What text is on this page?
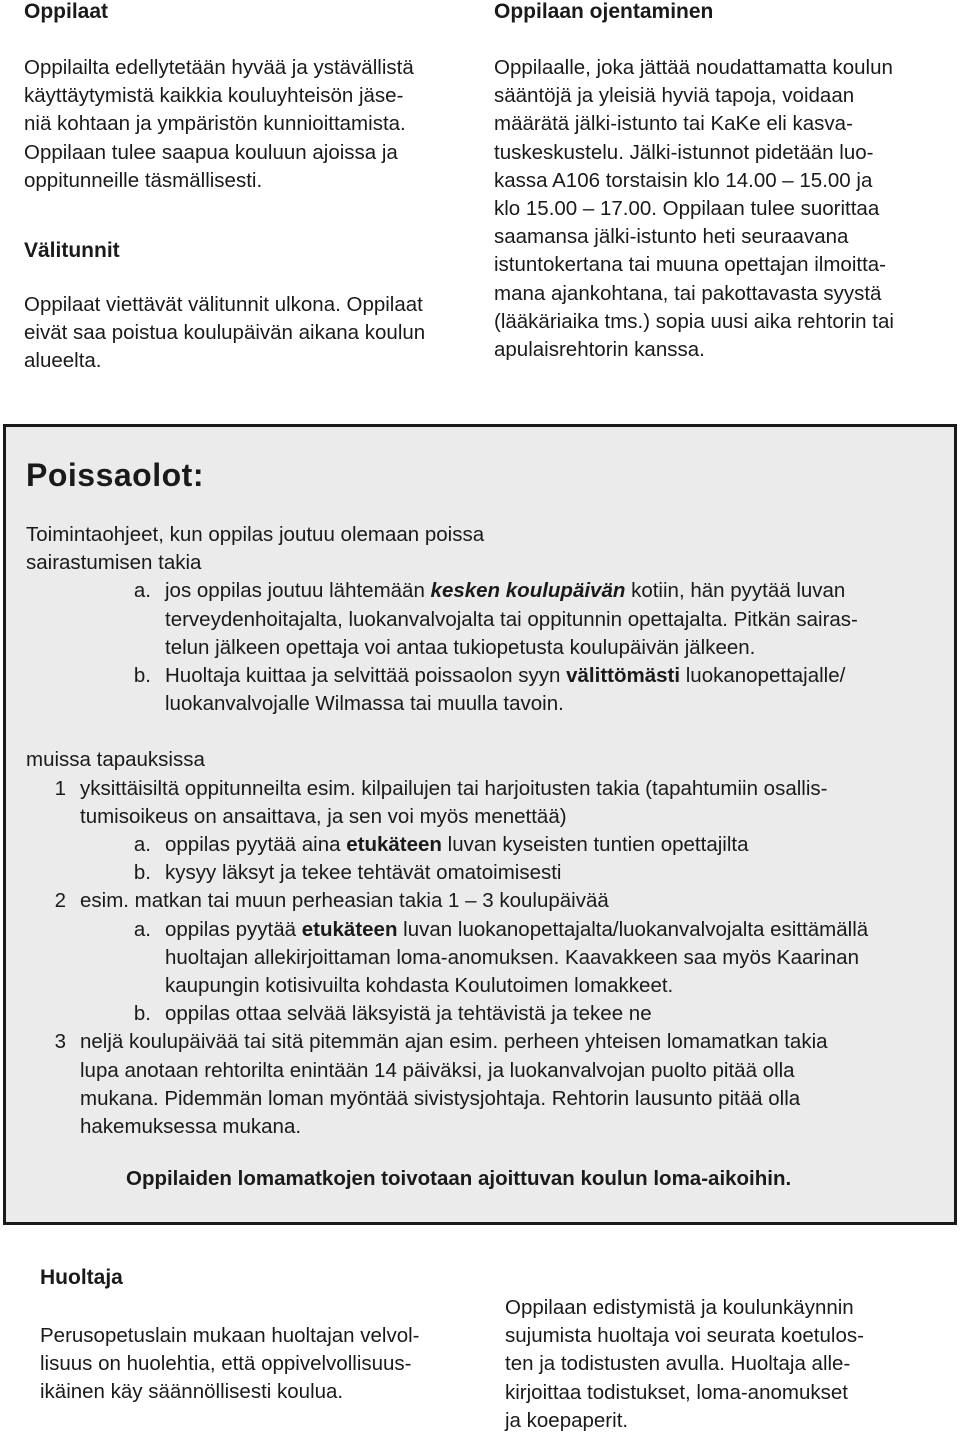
Oppilaat
Oppilailta edellytetään hyvää ja ystävällistä
käyttäytymistä kaikkia kouluyhteisön jäse-
niä kohtaan ja ympäristön kunnioittamista.
Oppilaan tulee saapua kouluun ajoissa ja
oppitunneille täsmällisesti.
Välitunnit
Oppilaat viettävät välitunnit ulkona. Oppilaat
eivät saa poistua koulupäivän aikana koulun
alueelta.
Oppilaan ojentaminen
Oppilaalle, joka jättää noudattamatta koulun
sääntöjä ja yleisiä hyviä tapoja, voidaan
määrätä jälki-istunto tai KaKe eli kasva-
tuskeskustelu. Jälki-istunnot pidetään luo-
kassa A106 torstaisin klo 14.00 – 15.00 ja
klo 15.00 – 17.00. Oppilaan tulee suorittaa
saamansa jälki-istunto heti seuraavana
istuntokertana tai muuna opettajan ilmoitta-
mana ajankohtana, tai pakottavasta syystä
(lääkäriaika tms.) sopia uusi aika rehtorin tai
apulaisrehtorin kanssa.
Poissaolot:
Toimintaohjeet, kun oppilas joutuu olemaan poissa
sairastumisen takia
a. jos oppilas joutuu lähtemään kesken koulupäivän kotiin, hän pyytää luvan
terveydenhoitajalta, luokanvalvojalta tai oppitunnin opettajalta. Pitkän sairas-
telun jälkeen opettaja voi antaa tukiopetusta koulupäivän jälkeen.
b. Huoltaja kuittaa ja selvittää poissaolon syyn välittömästi luokanopettajalle/
luokanvalvojalle Wilmassa tai muulla tavoin.
muissa tapauksissa
1 yksittäisiltä oppitunneilta esim. kilpailujen tai harjoitusten takia (tapahtumiin osallis-
tumisoikeus on ansaittava, ja sen voi myös menettää)
a. oppilas pyytää aina etukäteen luvan kyseisten tuntien opettajilta
b. kysyy läksyt ja tekee tehtävät omatoimisesti
2 esim. matkan tai muun perheasian takia 1 – 3 koulupäivää
a. oppilas pyytää etukäteen luvan luokanopettajalta/luokanvalvojalta esittämällä
huoltajan allekirjoittaman loma-anomuksen. Kaavakkeen saa myös Kaarinan
kaupungin kotisivuilta kohdasta Koulutoimen lomakkeet.
b. oppilas ottaa selvää läksyistä ja tehtävistä ja tekee ne
3 neljä koulupäivää tai sitä pitemmän ajan esim. perheen yhteisen lomamatkan takia
lupa anotaan rehtorilta enintään 14 päiväksi, ja luokanvalvojan puolto pitää olla
mukana. Pidemmän loman myöntää sivistysjohtaja. Rehtorin lausunto pitää olla
hakemuksessa mukana.
Oppilaiden lomamatkojen toivotaan ajoittuvan koulun loma-aikoihin.
Huoltaja
Perusopetuslain mukaan huoltajan velvol-
lisuus on huolehtia, että oppivelvollisuus-
ikäinen käy säännöllisesti koulua.
Oppilaan edistymistä ja koulunkäynnin
sujumista huoltaja voi seurata koetulos-
ten ja todistusten avulla. Huoltaja alle-
kirjoittaa todistukset, loma-anomukset
ja koepaperit.
